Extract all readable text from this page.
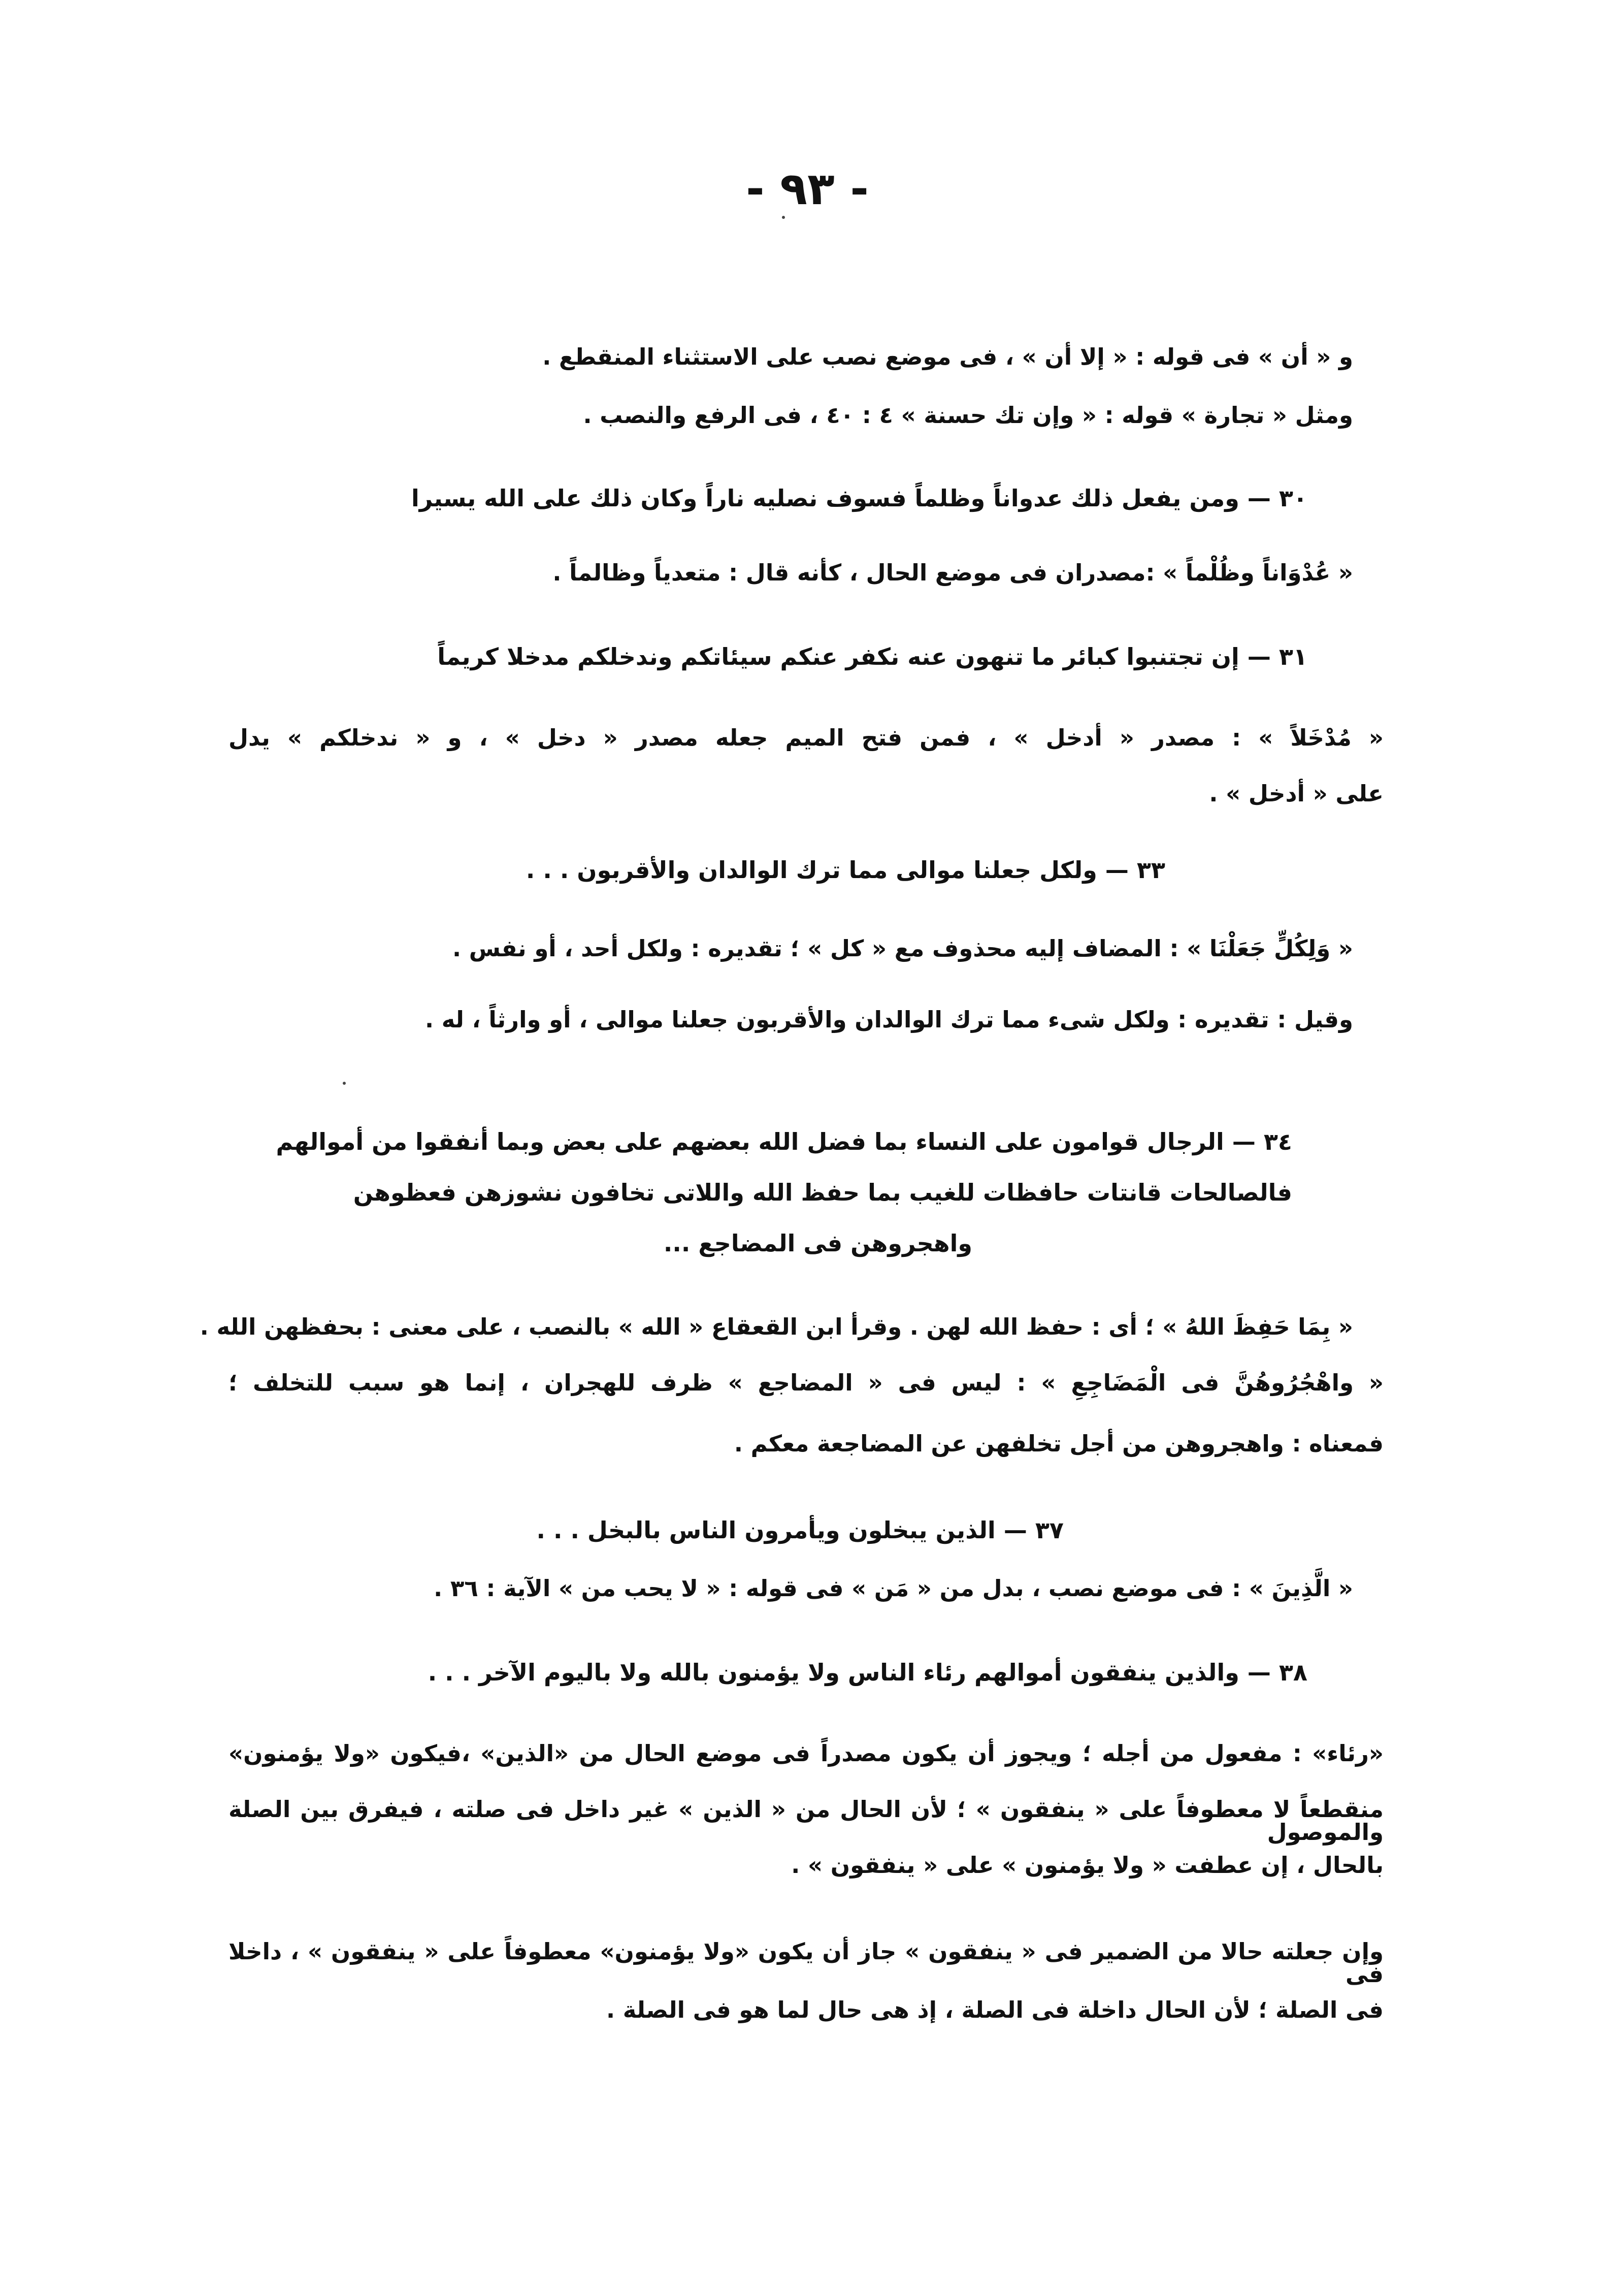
- ٩٣ -
و « أن » فى قوله : « إلا أن » ، فى موضع نصب على الاستثناء المنقطع .
ومثل « تجارة » قوله : « وإن تك حسنة » ٤ : ٤٠ ، فى الرفع والنصب .
٣٠ — ومن يفعل ذلك عدواناً وظلماً فسوف نصليه ناراً وكان ذلك على الله يسيرا
« عُدْوَاناً وظُلْماً » :مصدران فى موضع الحال ، كأنه قال : متعدياً وظالماً .
٣١ — إن تجتنبوا كبائر ما تنهون عنه نكفر عنكم سيئاتكم وندخلكم مدخلا كريماً
« مُدْخَلاً » : مصدر « أدخل » ، فمن فتح الميم جعله مصدر « دخل » ، و « ندخلكم » يدل
على « أدخل » .
٣٣ — ولكل جعلنا موالى مما ترك الوالدان والأقربون . . .
« وَلِكُلٍّ جَعَلْنَا » : المضاف إليه محذوف مع « كل » ؛ تقديره : ولكل أحد ، أو نفس .
وقيل : تقديره : ولكل شىء مما ترك الوالدان والأقربون جعلنا موالى ، أو وارثاً ، له .
٣٤ — الرجال قوامون على النساء بما فضل الله بعضهم على بعض وبما أنفقوا من أموالهم
فالصالحات قانتات حافظات للغيب بما حفظ الله واللاتى تخافون نشوزهن فعظوهن
واهجروهن فى المضاجع ...
« بِمَا حَفِظَ اللهُ » ؛ أى : حفظ الله لهن . وقرأ ابن القعقاع « الله » بالنصب ، على معنى : بحفظهن الله .
« واهْجُرُوهُنَّ فى الْمَضَاجِعِ » : ليس فى « المضاجع » ظرف للهجران ، إنما هو سبب للتخلف ؛
فمعناه : واهجروهن من أجل تخلفهن عن المضاجعة معكم .
٣٧ — الذين يبخلون ويأمرون الناس بالبخل . . .
« الَّذِينَ » : فى موضع نصب ، بدل من « مَن » فى قوله : « لا يحب من » الآية : ٣٦ .
٣٨ — والذين ينفقون أموالهم رئاء الناس ولا يؤمنون بالله ولا باليوم الآخر . . .
«رئاء» : مفعول من أجله ؛ ويجوز أن يكون مصدراً فى موضع الحال من «الذين» ،فيكون «ولا يؤمنون»
منقطعاً لا معطوفاً على « ينفقون » ؛ لأن الحال من « الذين » غير داخل فى صلته ، فيفرق بين الصلة والموصول
بالحال ، إن عطفت « ولا يؤمنون » على « ينفقون » .
وإن جعلته حالا من الضمير فى « ينفقون » جاز أن يكون «ولا يؤمنون» معطوفاً على « ينفقون » ، داخلا فى
فى الصلة ؛ لأن الحال داخلة فى الصلة ، إذ هى حال لما هو فى الصلة .
